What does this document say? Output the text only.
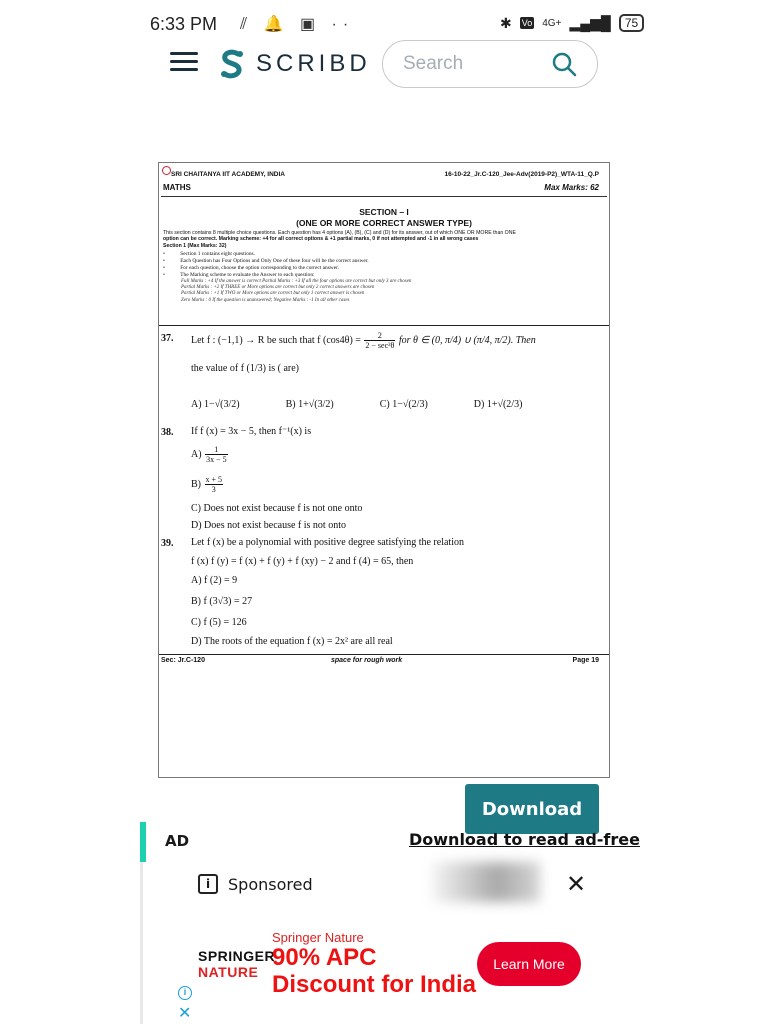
6:33 PM ⫽ 🔔 ▣ ··	✱ Vo 4G+ ▂▄▆█	75
SCRIBD
Search
SRI CHAITANYA IIT ACADEMY, INDIA	16-10-22_Jr.C-120_Jee-Adv(2019-P2)_WTA-11_Q.P
MATHS	Max Marks: 62
SECTION – I
(ONE OR MORE CORRECT ANSWER TYPE)
This section contains 8 multiple choice questions. Each question has 4 options (A), (B), (C) and (D) for its answer, out of which ONE OR MORE than ONE
option can be correct. Marking scheme: +4 for all correct options & +1 partial marks, 0 if not attempted and -1 in all wrong cases
Section 1 (Max Marks: 32)
•	Section 1 contains eight questions.
•	Each Question has Four Options and Only One of these four will be the correct answer.
•	For each question, choose the option corresponding to the correct answer.
•	The Marking scheme to evaluate the Answer to each question:
Full Marks : +4 If the answer is correct Partial Marks : +3 If all the four options are correct but only 3 are chosen
Partial Marks : +2 If THREE or More options are correct but only 2 correct answers are chosen
Partial Marks : +1 If TWO or More options are correct but only 1 correct answer is chosen
Zero Marks : 0 If the question is unanswered; Negative Marks : -1 In all other cases
37. Let f : (−1,1) → R be such that f $(\cos 4\theta) = \frac{2}{\text{2 − sec²θ}}$ for θ ∈ (0, π/4) ∪ (π/4, π/2). Then
the value of f (1/3) is ( are)
A) 1−√(3/2)	B) 1+√(3/2)	C) 1−√(2/3)	D) 1+√(2/3)
38. If f (x) = 3x − 5, then f⁻¹(x) is
$A) \frac{1}{3x - 5}$
$B) \frac{x + 5}{3}$
C) Does not exist because f is not one onto
D) Does not exist because f is not onto
39. Let f (x) be a polynomial with positive degree satisfying the relation
f (x) f (y) = f (x) + f (y) + f (xy) − 2 and f (4) = 65, then
A) f (2) = 9
B) f (3√3) = 27
C) f (5) = 126
D) The roots of the equation f (x) = 2x² are all real
Sec: Jr.C-120	space for rough work	Page 19
Download
AD	Download to read ad-free
i	Sponsored	✕
SPRINGER
NATURE
Springer Nature
90% APC Discount for India
Learn More
i
✕
